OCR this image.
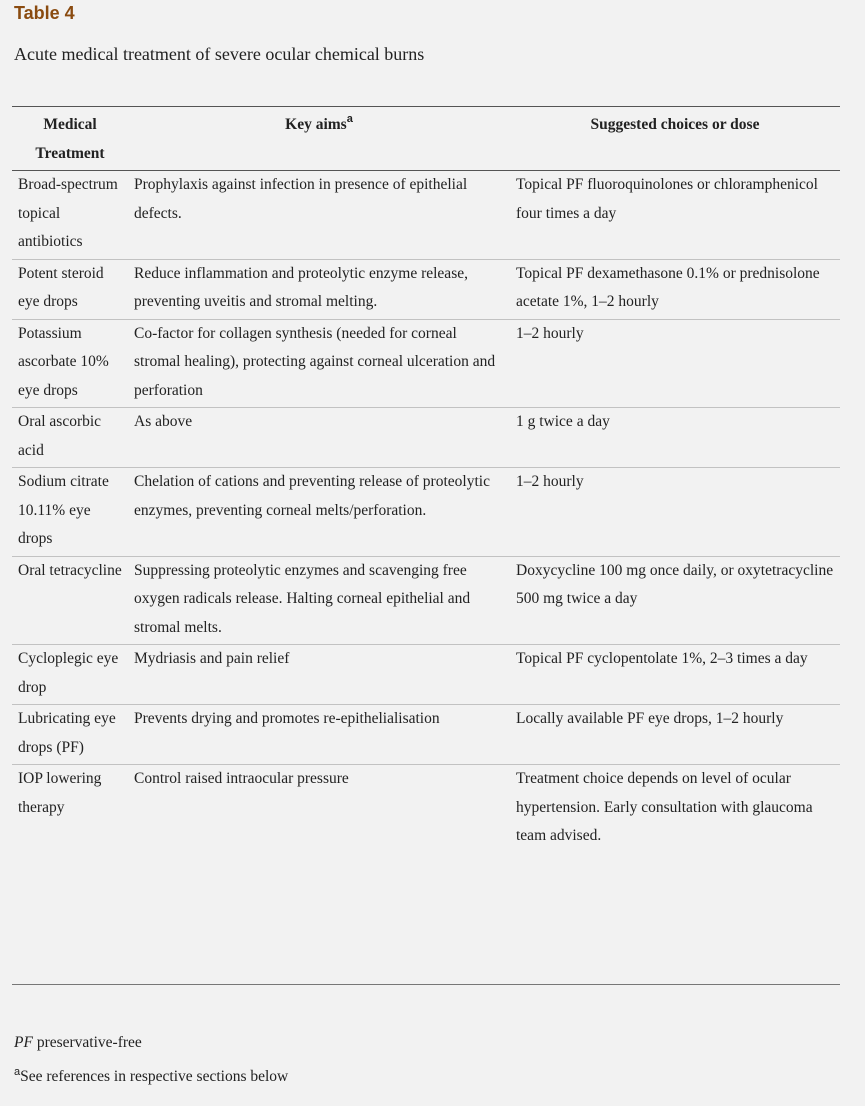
Table 4
Acute medical treatment of severe ocular chemical burns
Medical Treatment	Key aims$^a$	Suggested choices or dose
Broad-spectrum topical antibiotics	Prophylaxis against infection in presence of epithelial defects.	Topical PF fluoroquinolones or chloramphenicol four times a day
Potent steroid eye drops	Reduce inflammation and proteolytic enzyme release, preventing uveitis and stromal melting.	Topical PF dexamethasone 0.1% or prednisolone acetate 1%, 1–2 hourly
Potassium ascorbate 10% eye drops	Co-factor for collagen synthesis (needed for corneal stromal healing), protecting against corneal ulceration and perforation	1–2 hourly
Oral ascorbic acid	As above	1 g twice a day
Sodium citrate 10.11% eye drops	Chelation of cations and preventing release of proteolytic enzymes, preventing corneal melts/perforation.	1–2 hourly
Oral tetracycline	Suppressing proteolytic enzymes and scavenging free oxygen radicals release. Halting corneal epithelial and stromal melts.	Doxycycline 100 mg once daily, or oxytetracycline 500 mg twice a day
Cycloplegic eye drop	Mydriasis and pain relief	Topical PF cyclopentolate 1%, 2–3 times a day
Lubricating eye drops (PF)	Prevents drying and promotes re-epithelialisation	Locally available PF eye drops, 1–2 hourly
IOP lowering therapy	Control raised intraocular pressure	Treatment choice depends on level of ocular hypertension. Early consultation with glaucoma team advised.
PF preservative-free
$^a$See references in respective sections below
